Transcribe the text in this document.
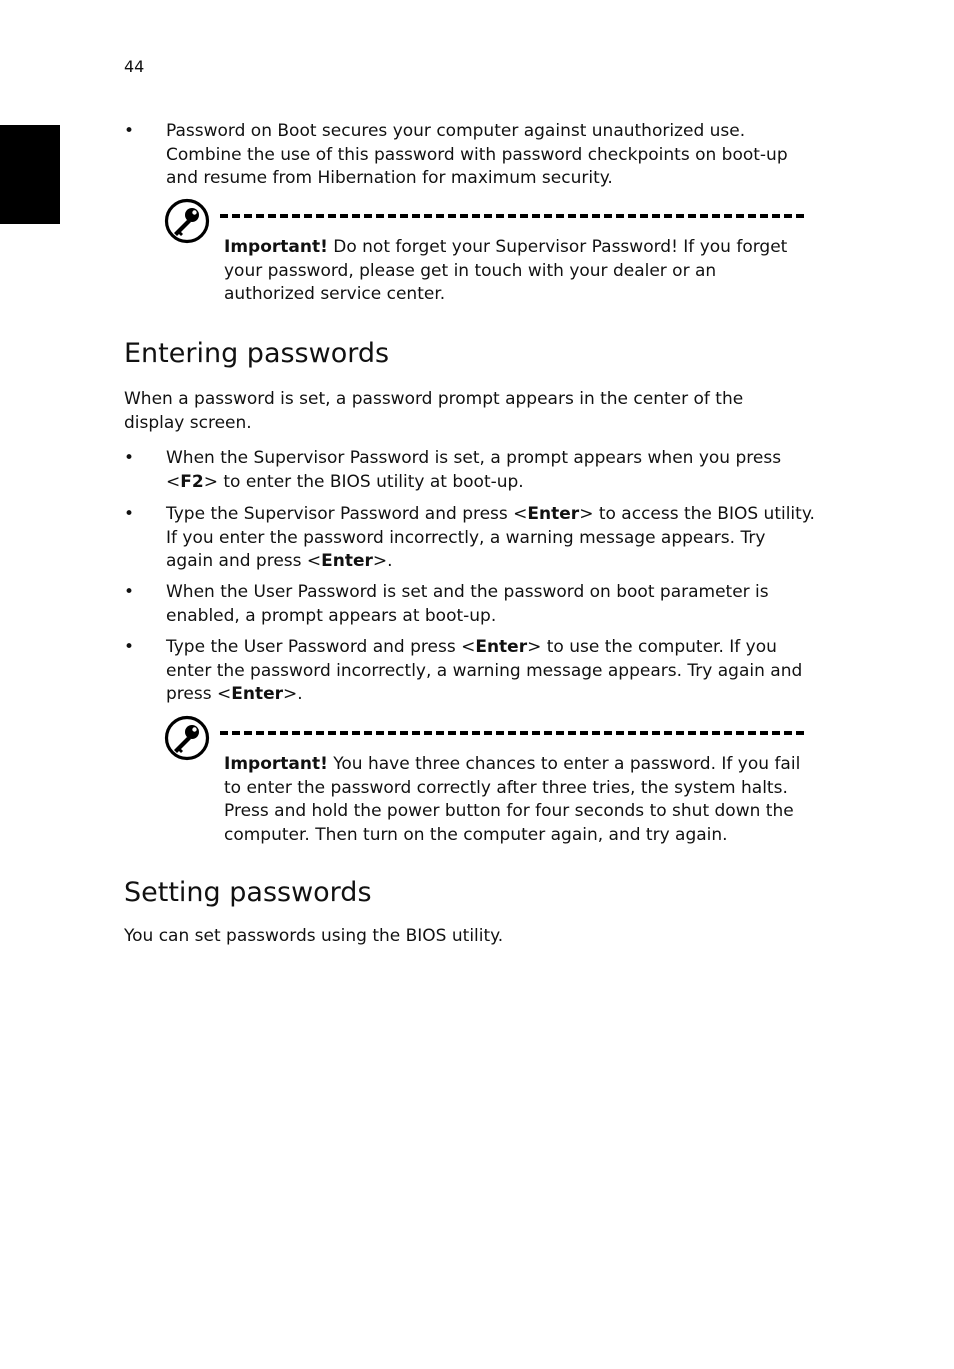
44
English
• Password on Boot secures your computer against unauthorized use. Combine the use of this password with password checkpoints on boot-up and resume from Hibernation for maximum security.
Important! Do not forget your Supervisor Password! If you forget your password, please get in touch with your dealer or an authorized service center.
Entering passwords
When a password is set, a password prompt appears in the center of the display screen.
• When the Supervisor Password is set, a prompt appears when you press <F2> to enter the BIOS utility at boot-up.
• Type the Supervisor Password and press <Enter> to access the BIOS utility. If you enter the password incorrectly, a warning message appears. Try again and press <Enter>.
• When the User Password is set and the password on boot parameter is enabled, a prompt appears at boot-up.
• Type the User Password and press <Enter> to use the computer. If you enter the password incorrectly, a warning message appears. Try again and press <Enter>.
Important! You have three chances to enter a password. If you fail to enter the password correctly after three tries, the system halts. Press and hold the power button for four seconds to shut down the computer. Then turn on the computer again, and try again.
Setting passwords
You can set passwords using the BIOS utility.
